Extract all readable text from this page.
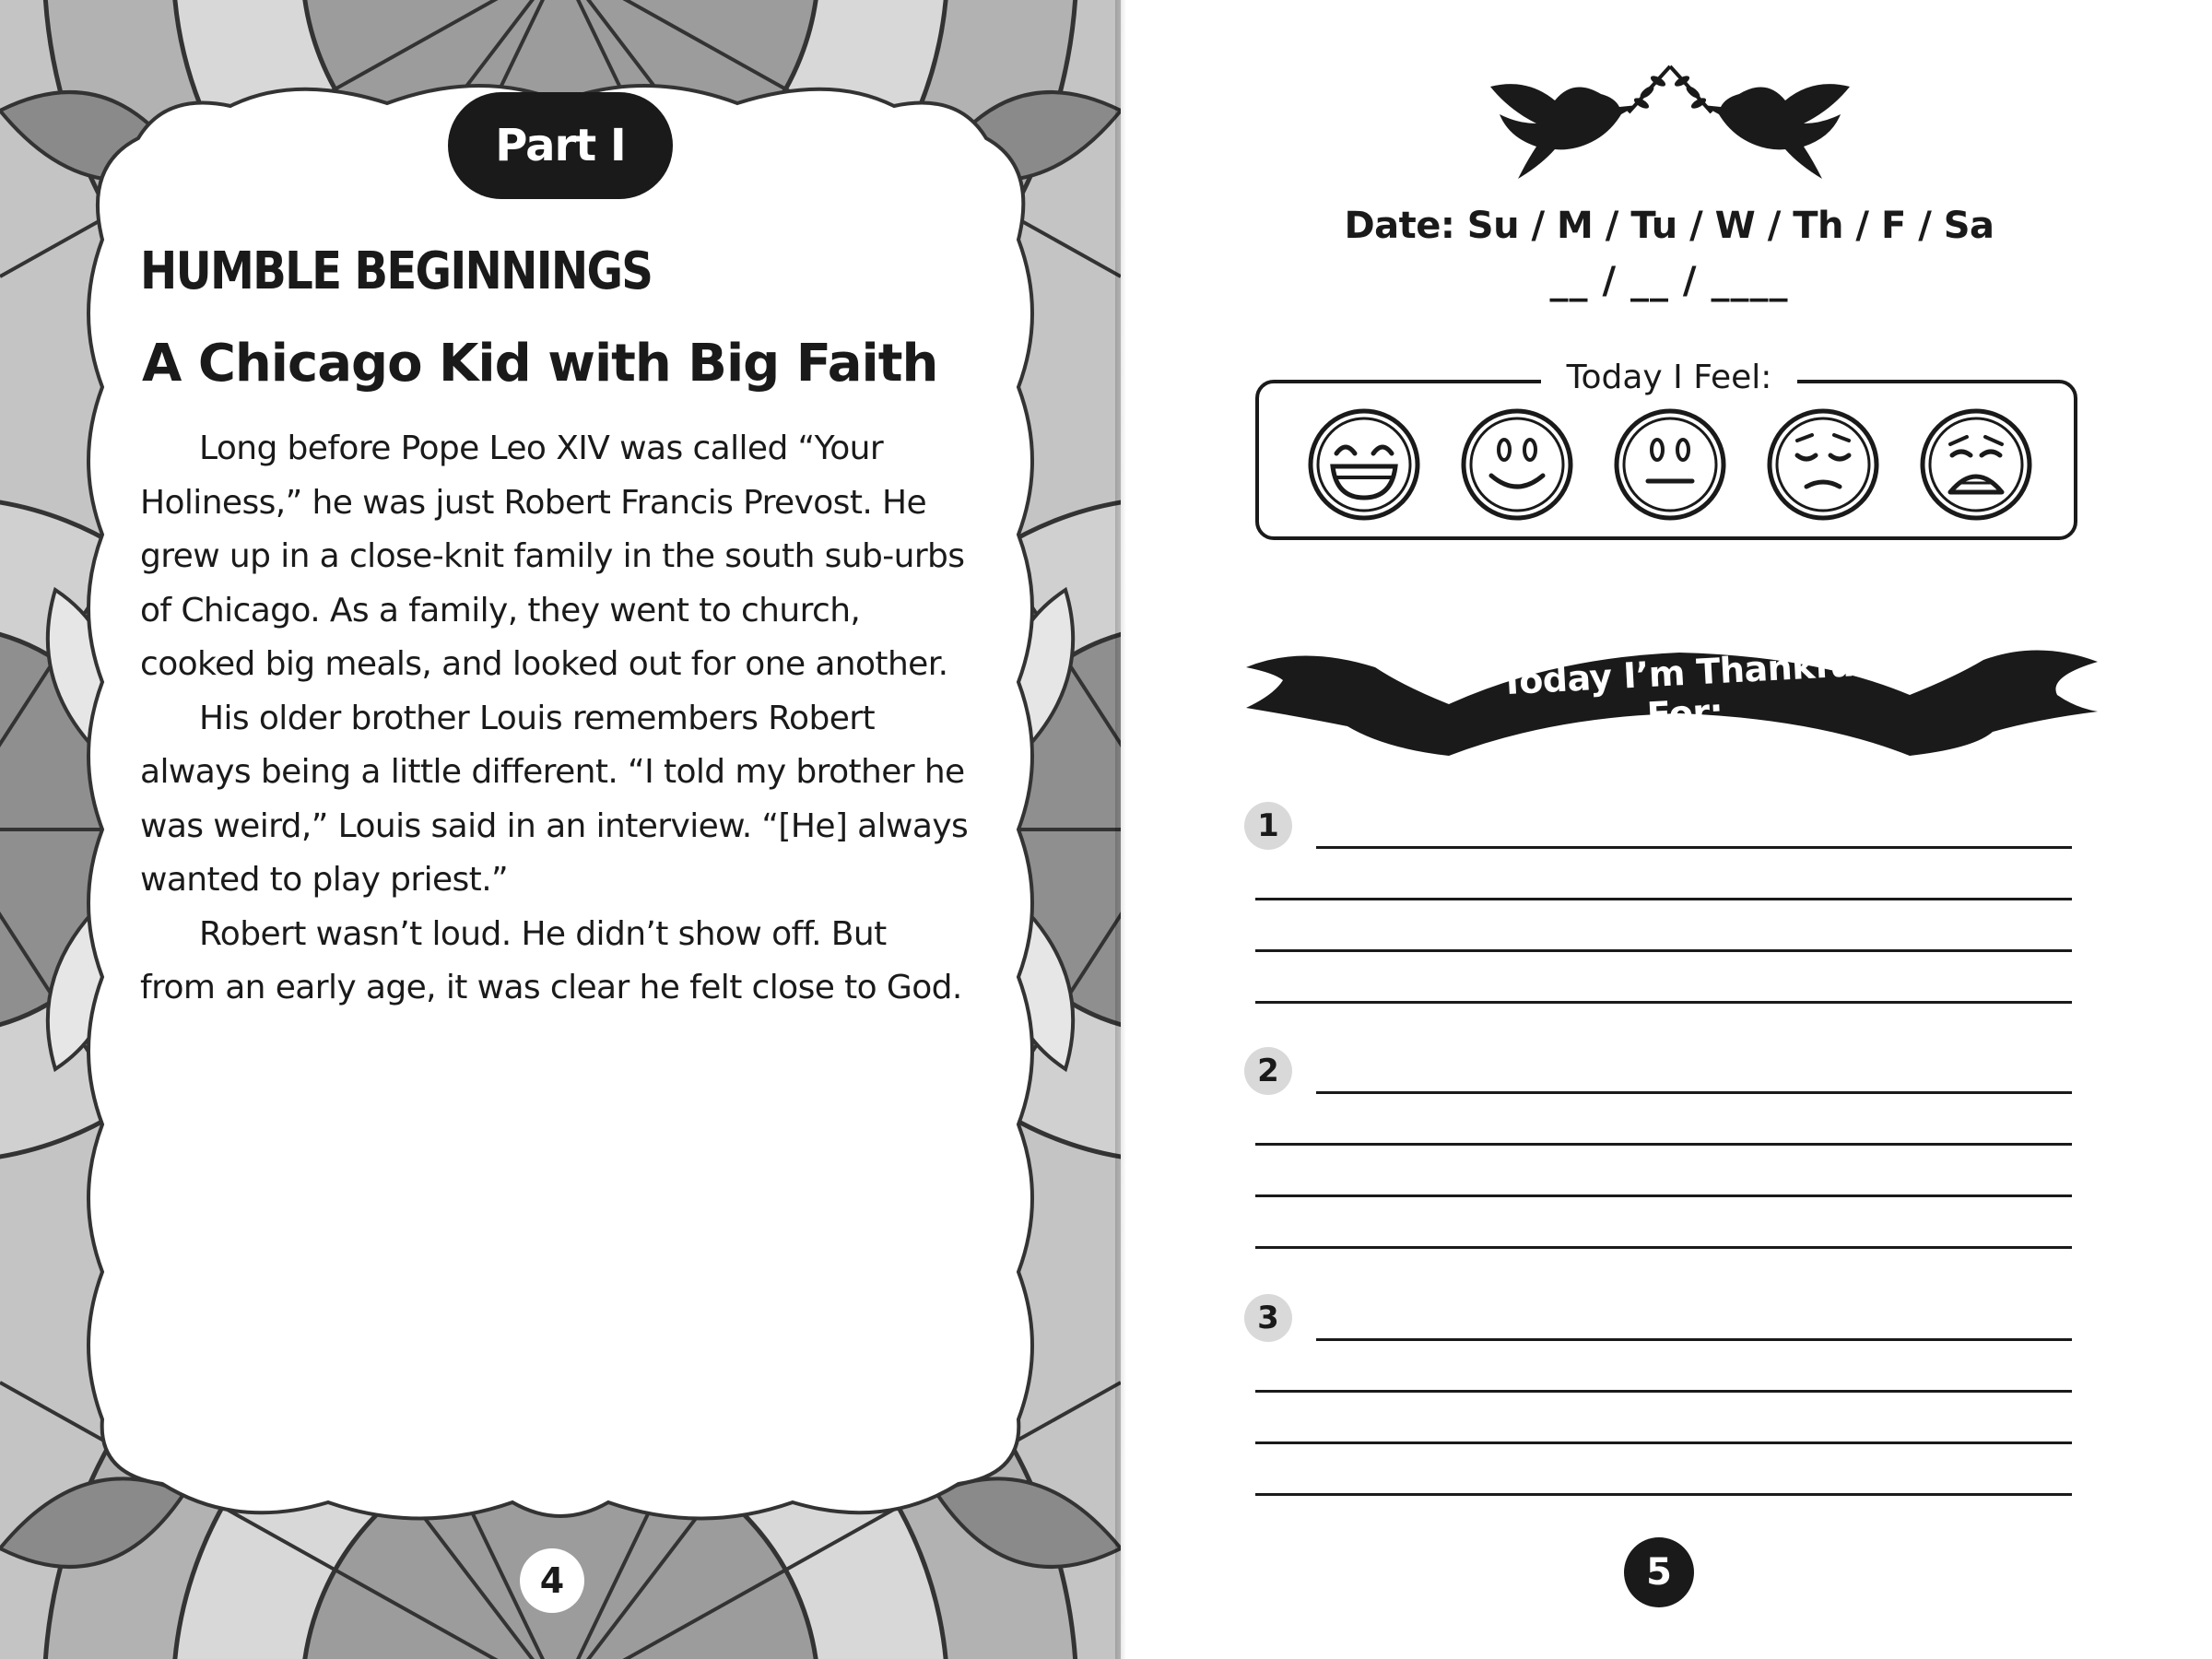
Part I
HUMBLE BEGINNINGS
A Chicago Kid with Big Faith

Long before Pope Leo XIV was called “Your Holiness,” he was just Robert Francis Prevost. He grew up in a close-knit family in the south sub-urbs of Chicago. As a family, they went to church, cooked big meals, and looked out for one another.

His older brother Louis remembers Robert always being a little different. “I told my brother he was weird,” Louis said in an interview. “[He] always wanted to play priest.”

Robert wasn’t loud. He didn’t show off. But from an early age, it was clear he felt close to God.

4
Date: Su / M / Tu / W / Th / F / Sa
__ / __ / ____
Today I Feel:
Today I’m Thankful For:
1
2
3
5
